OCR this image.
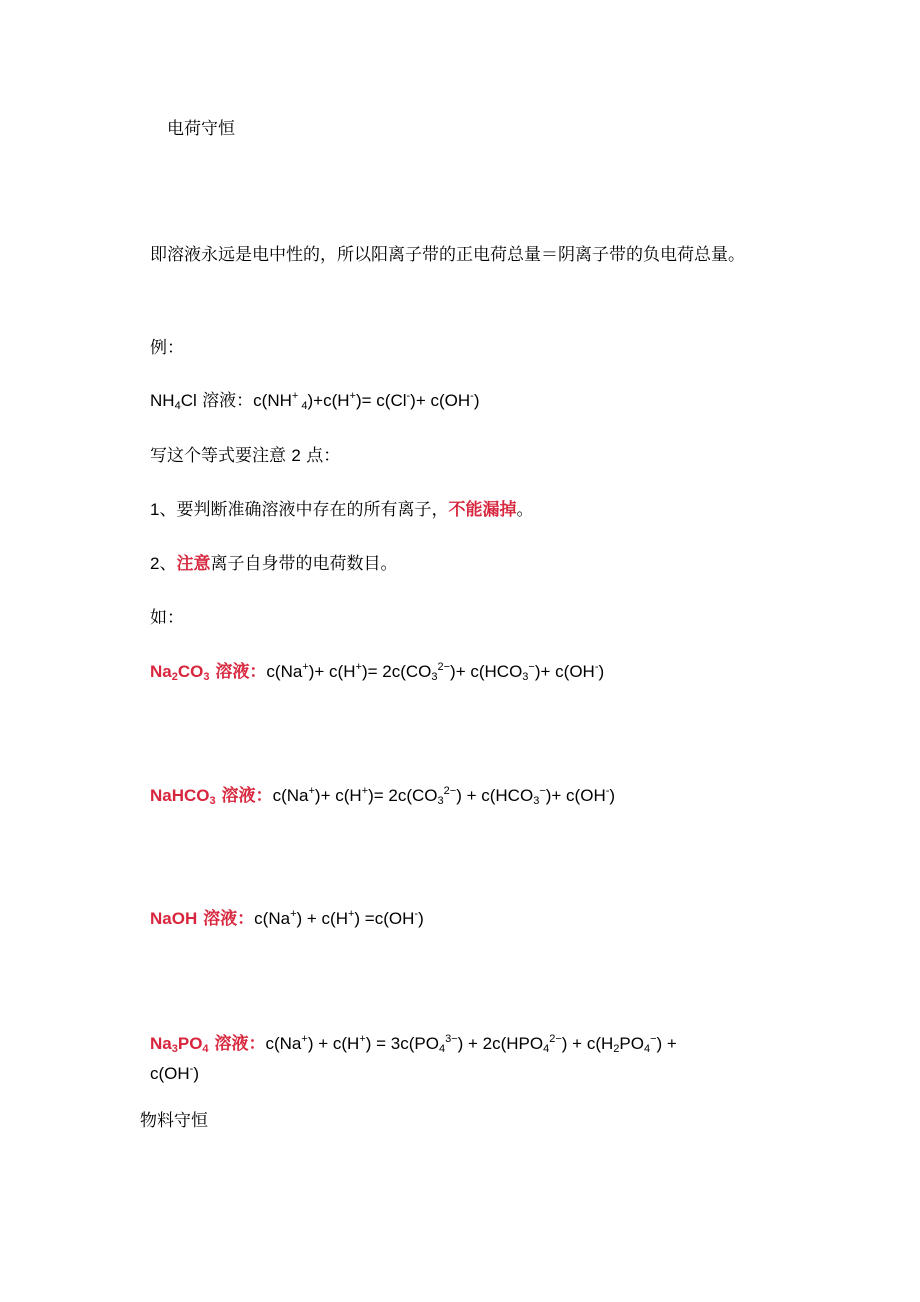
电荷守恒
即溶液永远是电中性的，所以阳离子带的正电荷总量＝阴离子带的负电荷总量。
例：
$NH_4Cl$ 溶液：c(NH+ $_4$)+c(H+)= c(Cl-)+ c(OH-)
写这个等式要注意 2 点：
1、要判断准确溶液中存在的所有离子，不能漏掉。
2、注意离子自身带的电荷数目。
如：
$Na_2CO_3$ 溶液：$c(Na^+)+ c(H^+)= 2c(CO_3^{2-})+ c(HCO_3^-)+ c(OH^-)$
NaHCO$_3$ 溶液：$c(Na^+)+ c(H^+)= 2c(CO_3^{2-}) + c(HCO_3^-)+ c(OH^-)$
NaOH 溶液：c(Na+) + c(H+) =c(OH-)
$Na_3PO_4$ 溶液：$c(Na^+) + c(H^+) = 3c(PO_4^{3-}) + 2c(HPO_4^{2-}) + c(H_2PO_4^-)$ +
c(OH-)
物料守恒
